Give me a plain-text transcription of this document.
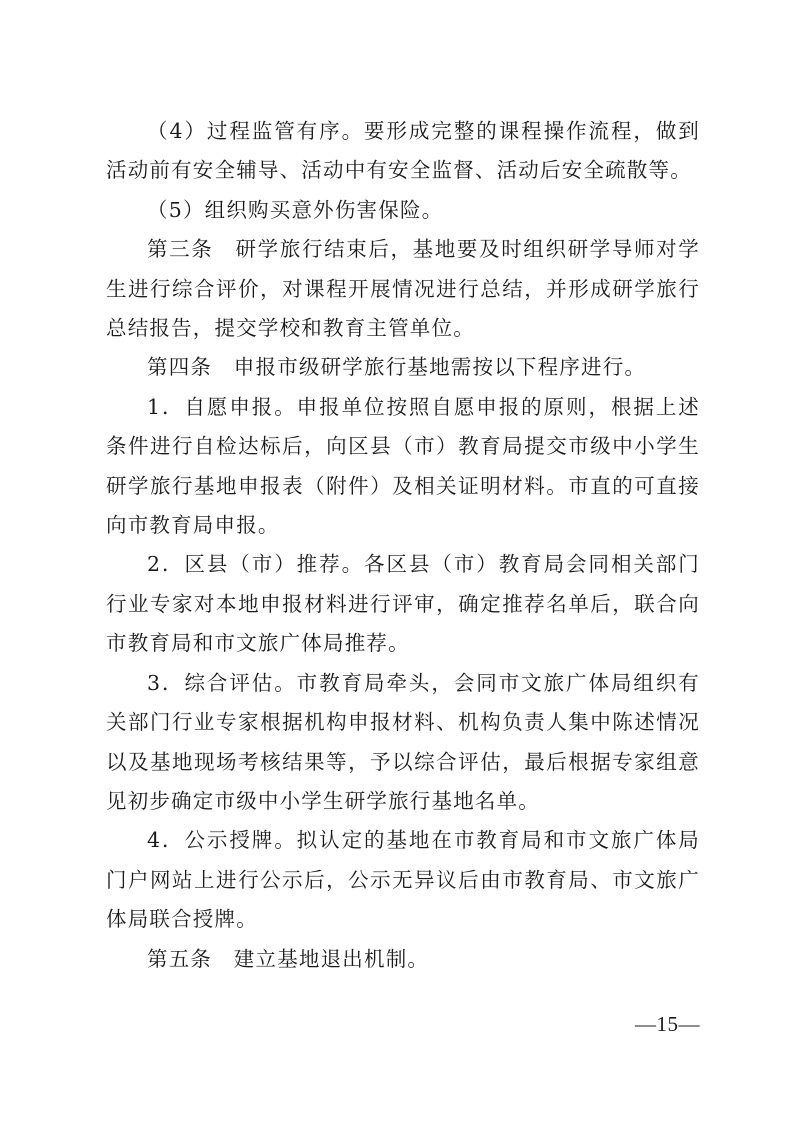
（4）过程监管有序。要形成完整的课程操作流程，做到活动前有安全辅导、活动中有安全监督、活动后安全疏散等。

（5）组织购买意外伤害保险。

第三条　研学旅行结束后，基地要及时组织研学导师对学生进行综合评价，对课程开展情况进行总结，并形成研学旅行总结报告，提交学校和教育主管单位。

第四条　申报市级研学旅行基地需按以下程序进行。

1．自愿申报。申报单位按照自愿申报的原则，根据上述条件进行自检达标后，向区县（市）教育局提交市级中小学生研学旅行基地申报表（附件）及相关证明材料。市直的可直接向市教育局申报。

2．区县（市）推荐。各区县（市）教育局会同相关部门行业专家对本地申报材料进行评审，确定推荐名单后，联合向市教育局和市文旅广体局推荐。

3．综合评估。市教育局牵头，会同市文旅广体局组织有关部门行业专家根据机构申报材料、机构负责人集中陈述情况以及基地现场考核结果等，予以综合评估，最后根据专家组意见初步确定市级中小学生研学旅行基地名单。

4．公示授牌。拟认定的基地在市教育局和市文旅广体局门户网站上进行公示后，公示无异议后由市教育局、市文旅广体局联合授牌。

第五条　建立基地退出机制。

—15—
